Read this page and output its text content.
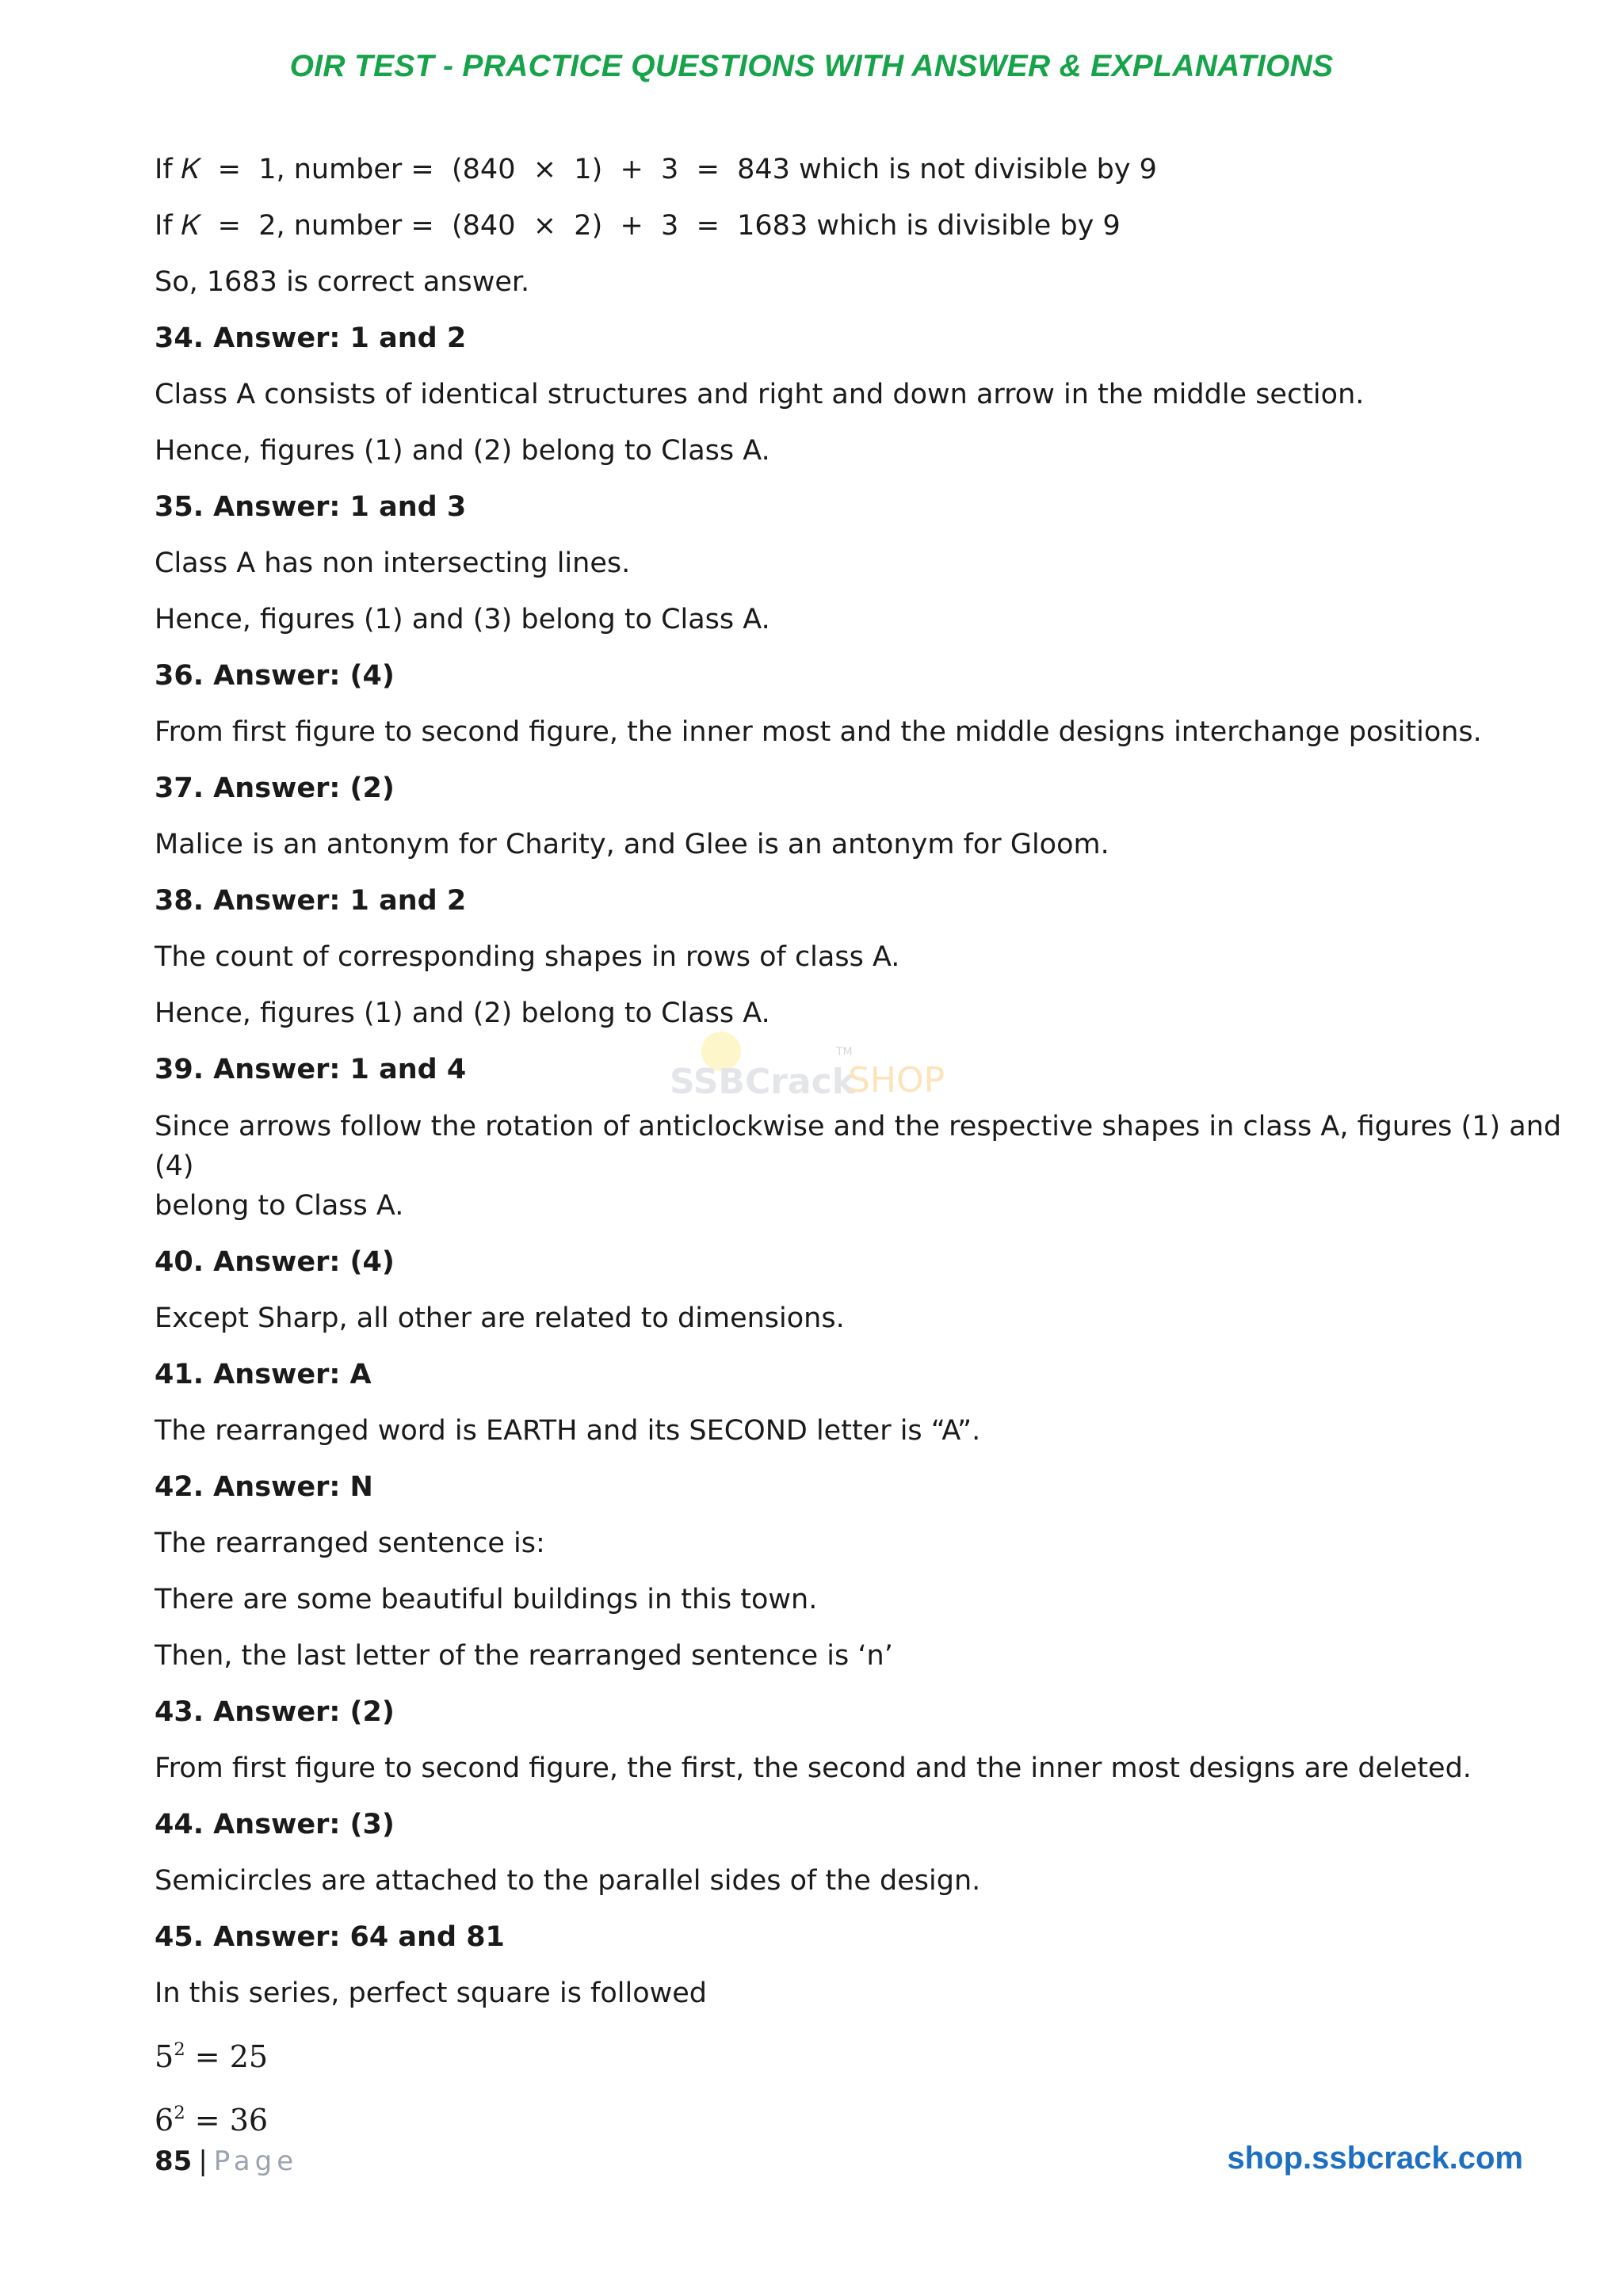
OIR TEST - PRACTICE QUESTIONS WITH ANSWER & EXPLANATIONS
If 𝐾  =  1, number =  (840  ×  1)  +  3  =  843 which is not divisible by 9
If 𝐾  =  2, number =  (840  ×  2)  +  3  =  1683 which is divisible by 9
So, 1683 is correct answer.
34. Answer: 1 and 2
Class A consists of identical structures and right and down arrow in the middle section.
Hence, figures (1) and (2) belong to Class A.
35. Answer: 1 and 3
Class A has non intersecting lines.
Hence, figures (1) and (3) belong to Class A.
36. Answer: (4)
From first figure to second figure, the inner most and the middle designs interchange positions.
37. Answer: (2)
Malice is an antonym for Charity, and Glee is an antonym for Gloom.
38. Answer: 1 and 2
The count of corresponding shapes in rows of class A.
Hence, figures (1) and (2) belong to Class A.
39. Answer: 1 and 4
Since arrows follow the rotation of anticlockwise and the respective shapes in class A, figures (1) and (4)
belong to Class A.
40. Answer: (4)
Except Sharp, all other are related to dimensions.
41. Answer: A
The rearranged word is EARTH and its SECOND letter is “A”.
42. Answer: N
The rearranged sentence is:
There are some beautiful buildings in this town.
Then, the last letter of the rearranged sentence is ‘n’
43. Answer: (2)
From first figure to second figure, the first, the second and the inner most designs are deleted.
44. Answer: (3)
Semicircles are attached to the parallel sides of the design.
45. Answer: 64 and 81
In this series, perfect square is followed
$5^2 = 25$
$6^2 = 36$
SSBCrack
TM
SHOP
85 | Page	shop.ssbcrack.com
